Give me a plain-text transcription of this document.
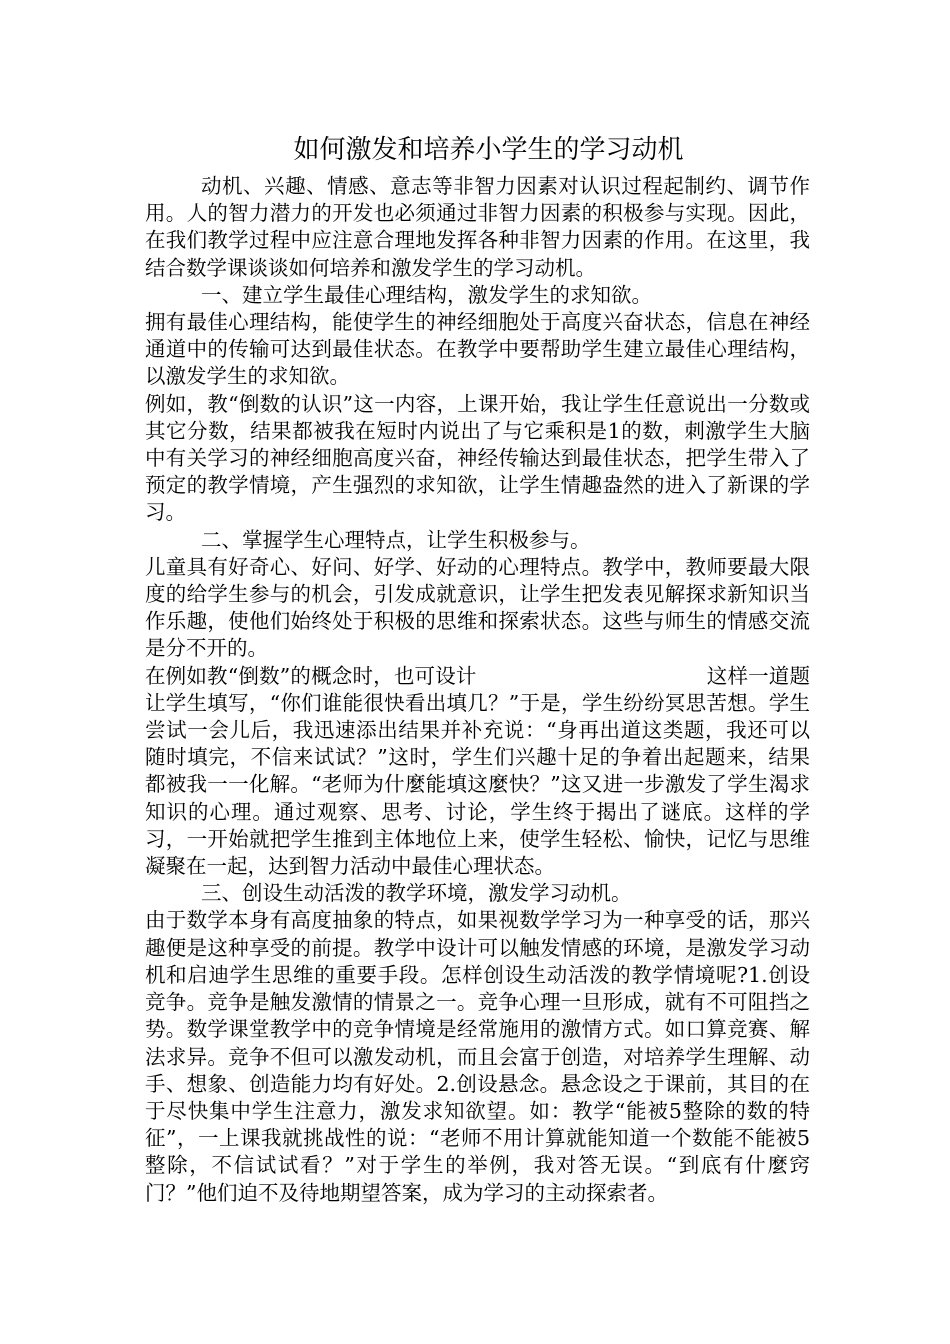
如何激发和培养小学生的学习动机

动机、兴趣、情感、意志等非智力因素对认识过程起制约、调节作用。人的智力潜力的开发也必须通过非智力因素的积极参与实现。因此，在我们教学过程中应注意合理地发挥各种非智力因素的作用。在这里，我结合数学课谈谈如何培养和激发学生的学习动机。

一、建立学生最佳心理结构，激发学生的求知欲。

拥有最佳心理结构，能使学生的神经细胞处于高度兴奋状态，信息在神经通道中的传输可达到最佳状态。在教学中要帮助学生建立最佳心理结构，以激发学生的求知欲。

例如，教“倒数的认识”这一内容，上课开始，我让学生任意说出一分数或其它分数，结果都被我在短时内说出了与它乘积是1的数，刺激学生大脑中有关学习的神经细胞高度兴奋，神经传输达到最佳状态，把学生带入了预定的教学情境，产生强烈的求知欲，让学生情趣盎然的进入了新课的学习。

二、掌握学生心理特点，让学生积极参与。

儿童具有好奇心、好问、好学、好动的心理特点。教学中，教师要最大限度的给学生参与的机会，引发成就意识，让学生把发表见解探求新知识当作乐趣，使他们始终处于积极的思维和探索状态。这些与师生的情感交流是分不开的。

在例如教“倒数”的概念时，也可设计	这样一道题让学生填写，“你们谁能很快看出填几？”于是，学生纷纷冥思苦想。学生尝试一会儿后，我迅速添出结果并补充说：“身再出道这类题，我还可以随时填完，不信来试试？”这时，学生们兴趣十足的争着出起题来，结果都被我一一化解。“老师为什麼能填这麼快？”这又进一步激发了学生渴求知识的心理。通过观察、思考、讨论，学生终于揭出了谜底。这样的学习，一开始就把学生推到主体地位上来，使学生轻松、愉快，记忆与思维凝聚在一起，达到智力活动中最佳心理状态。

三、创设生动活泼的教学环境，激发学习动机。

由于数学本身有高度抽象的特点，如果视数学学习为一种享受的话，那兴趣便是这种享受的前提。教学中设计可以触发情感的环境，是激发学习动机和启迪学生思维的重要手段。怎样创设生动活泼的教学情境呢?1.创设竞争。竞争是触发激情的情景之一。竞争心理一旦形成，就有不可阻挡之势。数学课堂教学中的竞争情境是经常施用的激情方式。如口算竞赛、解法求异。竞争不但可以激发动机，而且会富于创造，对培养学生理解、动手、想象、创造能力均有好处。2.创设悬念。悬念设之于课前，其目的在于尽快集中学生注意力，激发求知欲望。如：教学“能被5整除的数的特征”，一上课我就挑战性的说：“老师不用计算就能知道一个数能不能被5整除，不信试试看？”对于学生的举例，我对答无误。“到底有什麼窍门？”他们迫不及待地期望答案，成为学习的主动探索者。
